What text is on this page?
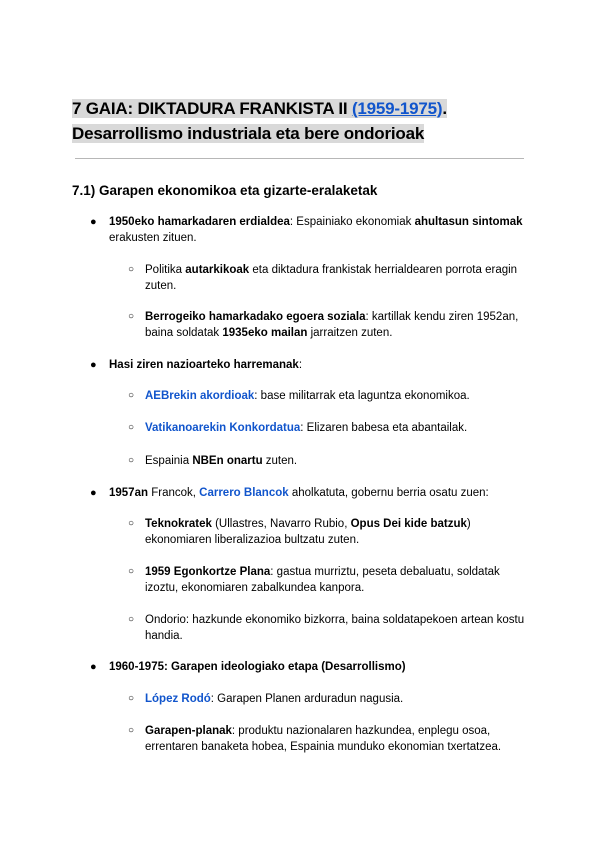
7 GAIA: DIKTADURA FRANKISTA II (1959-1975).
Desarrollismo industriala eta bere ondorioak
7.1) Garapen ekonomikoa eta gizarte-eralaketak
● 1950eko hamarkadaren erdialdea: Espainiako ekonomiak ahultasun sintomak erakusten zituen.
○ Politika autarkikoak eta diktadura frankistak herrialdearen porrota eragin zuten.
○ Berrogeiko hamarkadako egoera soziala: kartillak kendu ziren 1952an, baina soldatak 1935eko mailan jarraitzen zuten.
● Hasi ziren nazioarteko harremanak:
○ AEBrekin akordioak: base militarrak eta laguntza ekonomikoa.
○ Vatikanoarekin Konkordatua: Elizaren babesa eta abantailak.
○ Espainia NBEn onartu zuten.
● 1957an Francok, Carrero Blancok aholkatuta, gobernu berria osatu zuen:
○ Teknokratek (Ullastres, Navarro Rubio, Opus Dei kide batzuk) ekonomiaren liberalizazioa bultzatu zuten.
○ 1959 Egonkortze Plana: gastua murriztu, peseta debaluatu, soldatak izoztu, ekonomiaren zabalkundea kanpora.
○ Ondorio: hazkunde ekonomiko bizkorra, baina soldatapekoen artean kostu handia.
● 1960-1975: Garapen ideologiako etapa (Desarrollismo)
○ López Rodó: Garapen Planen arduradun nagusia.
○ Garapen-planak: produktu nazionalaren hazkundea, enplegu osoa, errentaren banaketa hobea, Espainia munduko ekonomian txertatzea.
